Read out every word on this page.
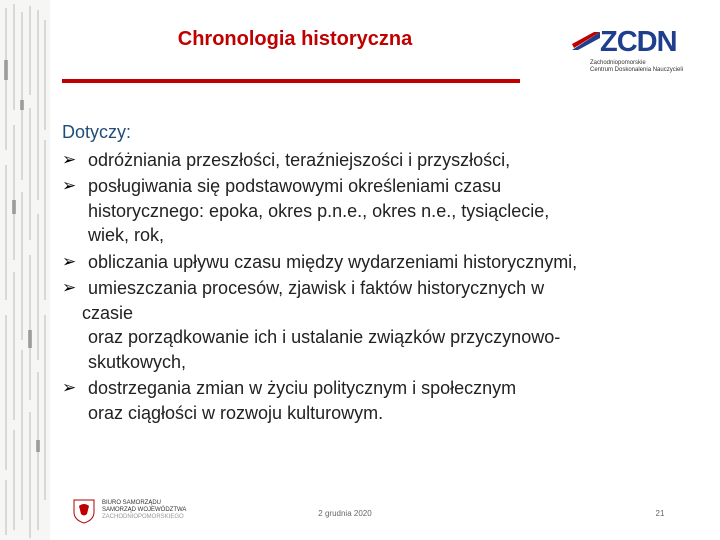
Chronologia historyczna	ZCDN
Zachodniopomorskie
Centrum Doskonalenia Nauczycieli
Dotyczy:
➢ odróżniania przeszłości, teraźniejszości i przyszłości,
➢ posługiwania się podstawowymi określeniami czasu
historycznego: epoka, okres p.n.e., okres n.e., tysiąclecie,
wiek, rok,
➢ obliczania upływu czasu między wydarzeniami historycznymi,
➢ umieszczania procesów, zjawisk i faktów historycznych w
czasie
oraz porządkowanie ich i ustalanie związków przyczynowo-
skutkowych,
➢ dostrzegania zmian w życiu politycznym i społecznym
oraz ciągłości w rozwoju kulturowym.
BIURO SAMORZĄDU
SAMORZĄD WOJEWÓDZTWA
ZACHODNIOPOMORSKIEGO	2 grudnia 2020	21
